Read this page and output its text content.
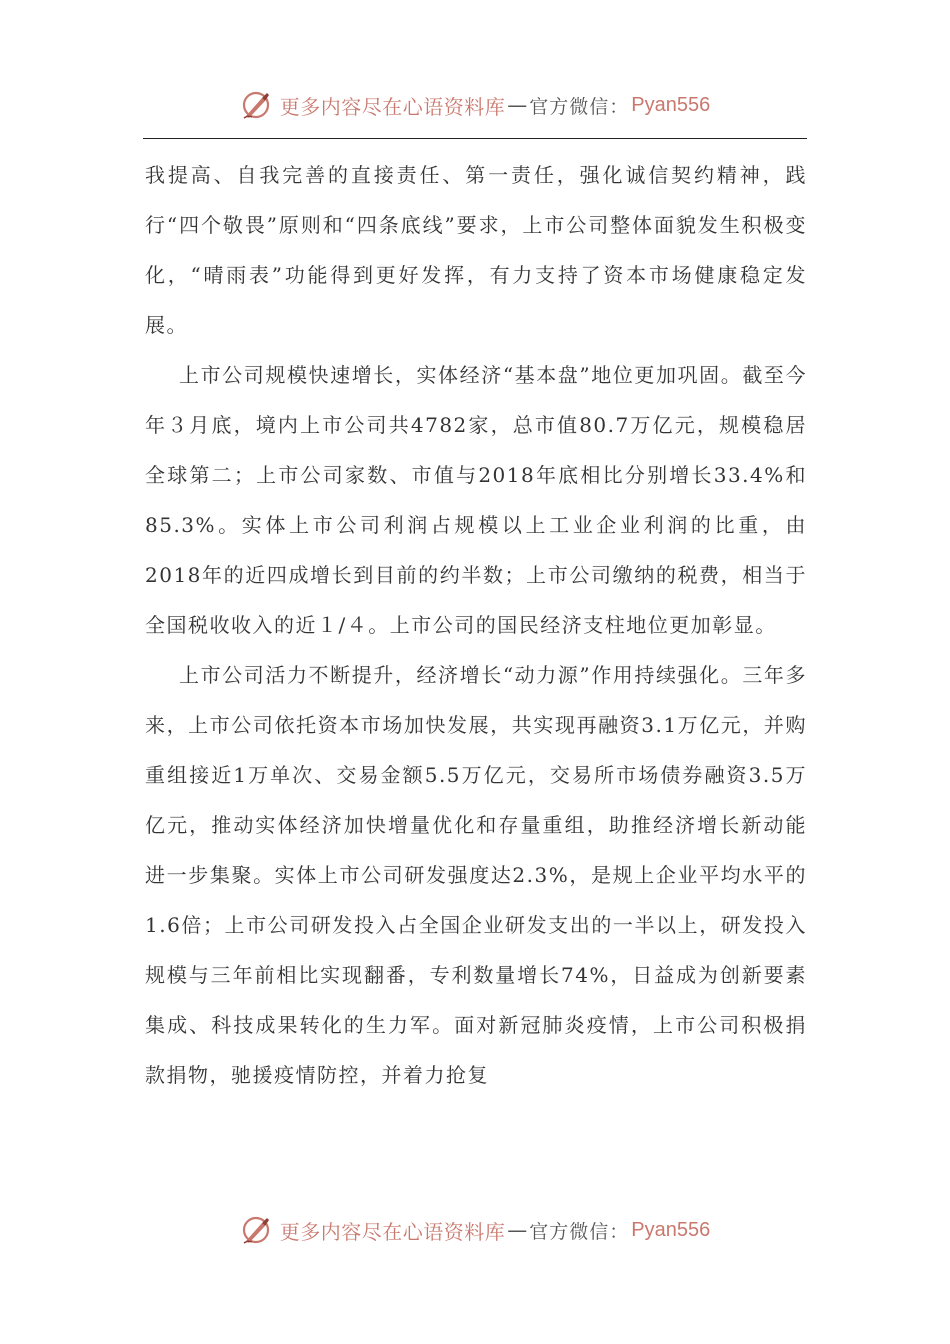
更多内容尽在心语资料库 — 官方微信： Pyan556

我提高、自我完善的直接责任、第一责任，强化诚信契约精神，践行“四个敬畏”原则和“四条底线”要求，上市公司整体面貌发生积极变化，“晴雨表”功能得到更好发挥，有力支持了资本市场健康稳定发展。

上市公司规模快速增长，实体经济“基本盘”地位更加巩固。截至今年３月底，境内上市公司共4782家，总市值80.7万亿元，规模稳居全球第二；上市公司家数、市值与2018年底相比分别增长33.4%和85.3%。实体上市公司利润占规模以上工业企业利润的比重，由2018年的近四成增长到目前的约半数；上市公司缴纳的税费，相当于全国税收收入的近１/４。上市公司的国民经济支柱地位更加彰显。

上市公司活力不断提升，经济增长“动力源”作用持续强化。三年多来，上市公司依托资本市场加快发展，共实现再融资3.1万亿元，并购重组接近1万单次、交易金额5.5万亿元，交易所市场债券融资3.5万亿元，推动实体经济加快增量优化和存量重组，助推经济增长新动能进一步集聚。实体上市公司研发强度达2.3%，是规上企业平均水平的1.6倍；上市公司研发投入占全国企业研发支出的一半以上，研发投入规模与三年前相比实现翻番，专利数量增长74%，日益成为创新要素集成、科技成果转化的生力军。面对新冠肺炎疫情，上市公司积极捐款捐物，驰援疫情防控，并着力抢复

更多内容尽在心语资料库 — 官方微信： Pyan556
